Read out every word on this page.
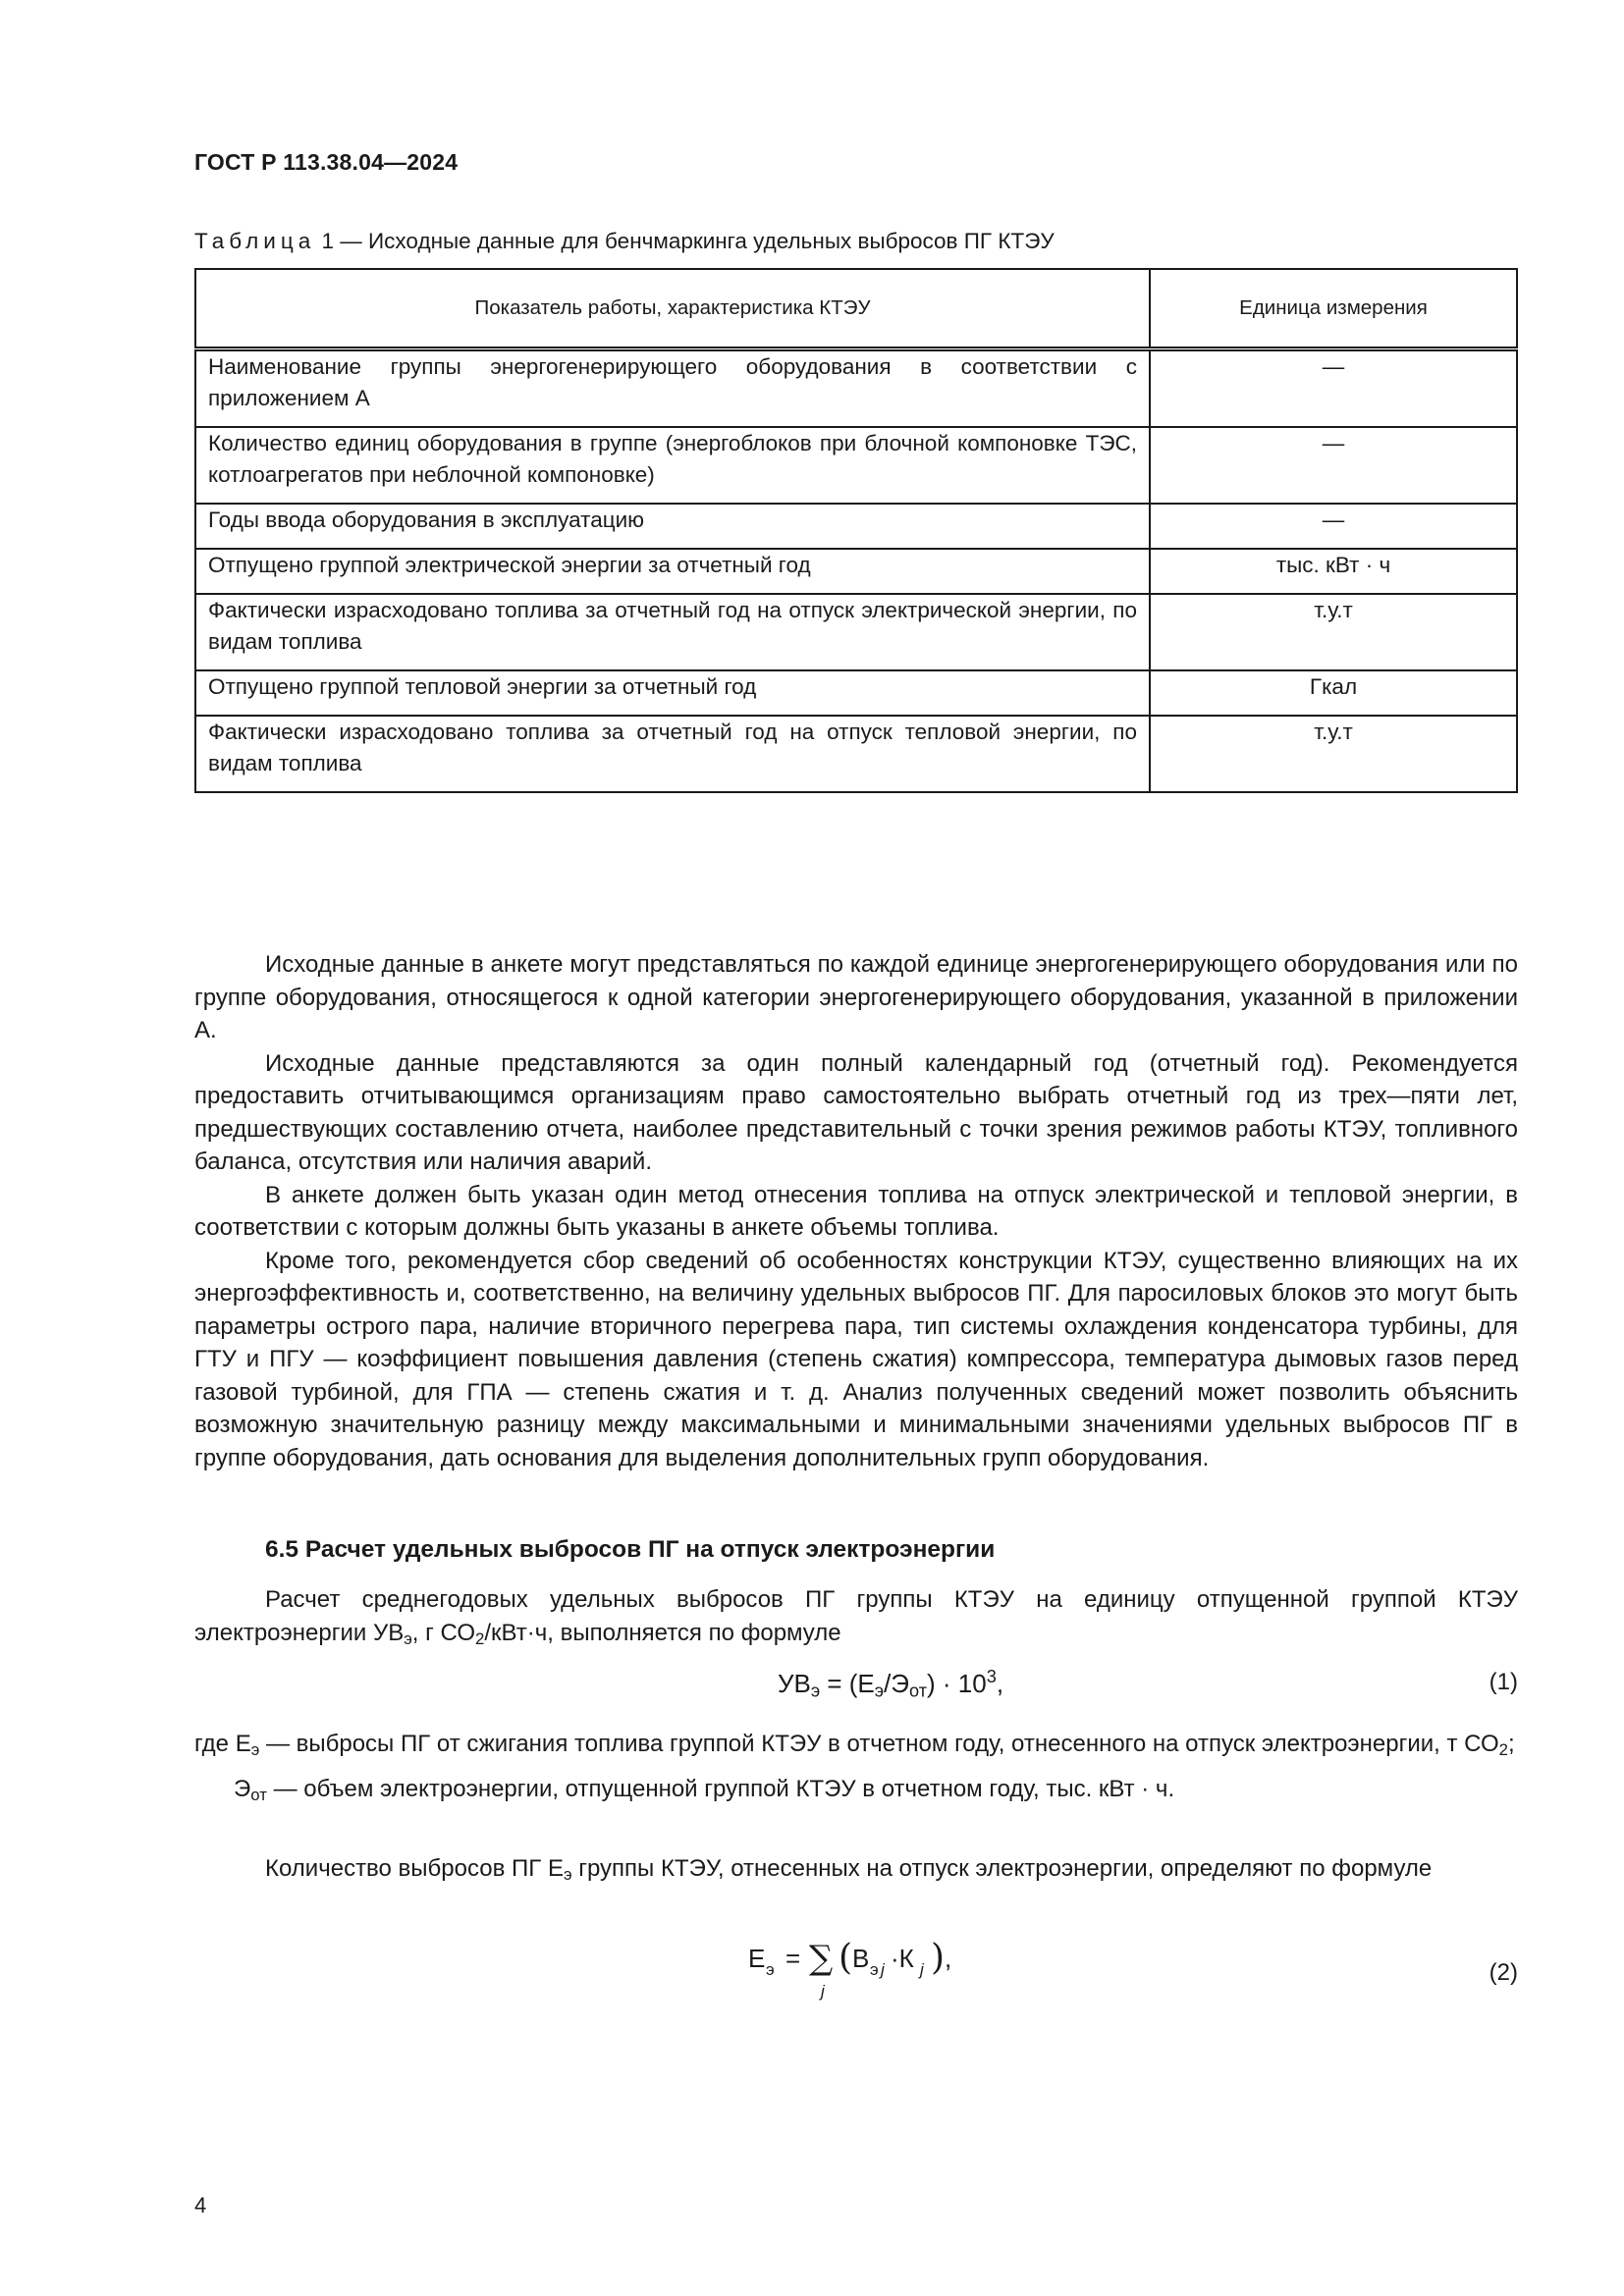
ГОСТ Р 113.38.04—2024
Таблица 1 — Исходные данные для бенчмаркинга удельных выбросов ПГ КТЭУ
Показатель работы, характеристика КТЭУ	Единица измерения
Наименование группы энергогенерирующего оборудования в соответствии с приложением А	—
Количество единиц оборудования в группе (энергоблоков при блочной компоновке ТЭС, котлоагрегатов при неблочной компоновке)	—
Годы ввода оборудования в эксплуатацию	—
Отпущено группой электрической энергии за отчетный год	тыс. кВт · ч
Фактически израсходовано топлива за отчетный год на отпуск электрической энергии, по видам топлива	т.у.т
Отпущено группой тепловой энергии за отчетный год	Гкал
Фактически израсходовано топлива за отчетный год на отпуск тепловой энергии, по видам топлива	т.у.т

Исходные данные в анкете могут представляться по каждой единице энергогенерирующего оборудования или по группе оборудования, относящегося к одной категории энергогенерирующего оборудования, указанной в приложении А.

Исходные данные представляются за один полный календарный год (отчетный год). Рекомендуется предоставить отчитывающимся организациям право самостоятельно выбрать отчетный год из трех—пяти лет, предшествующих составлению отчета, наиболее представительный с точки зрения режимов работы КТЭУ, топливного баланса, отсутствия или наличия аварий.

В анкете должен быть указан один метод отнесения топлива на отпуск электрической и тепловой энергии, в соответствии с которым должны быть указаны в анкете объемы топлива.

Кроме того, рекомендуется сбор сведений об особенностях конструкции КТЭУ, существенно влияющих на их энергоэффективность и, соответственно, на величину удельных выбросов ПГ. Для паросиловых блоков это могут быть параметры острого пара, наличие вторичного перегрева пара, тип системы охлаждения конденсатора турбины, для ГТУ и ПГУ — коэффициент повышения давления (степень сжатия) компрессора, температура дымовых газов перед газовой турбиной, для ГПА — степень сжатия и т. д. Анализ полученных сведений может позволить объяснить возможную значительную разницу между максимальными и минимальными значениями удельных выбросов ПГ в группе оборудования, дать основания для выделения дополнительных групп оборудования.

6.5 Расчет удельных выбросов ПГ на отпуск электроэнергии

Расчет среднегодовых удельных выбросов ПГ группы КТЭУ на единицу отпущенной группой КТЭУ электроэнергии $УВ_э$, г $СО_2/кВт\cdot ч$, выполняется по формуле

$УВ_э = (Е_э/Э_{от}) \cdot 10^3$,	(1)
где $Е_э$ — выбросы ПГ от сжигания топлива группой КТЭУ в отчетном году, отнесенного на отпуск электроэнергии, т $СО_2$;
$Э_{от}$ — объем электроэнергии, отпущенной группой КТЭУ в отчетном году, тыс. кВт · ч.

Количество выбросов ПГ $Е_э$ группы КТЭУ, отнесенных на отпуск электроэнергии, определяют по формуле

Е э = ∑
j
( В э j ·К j ) ,	(2)
4
